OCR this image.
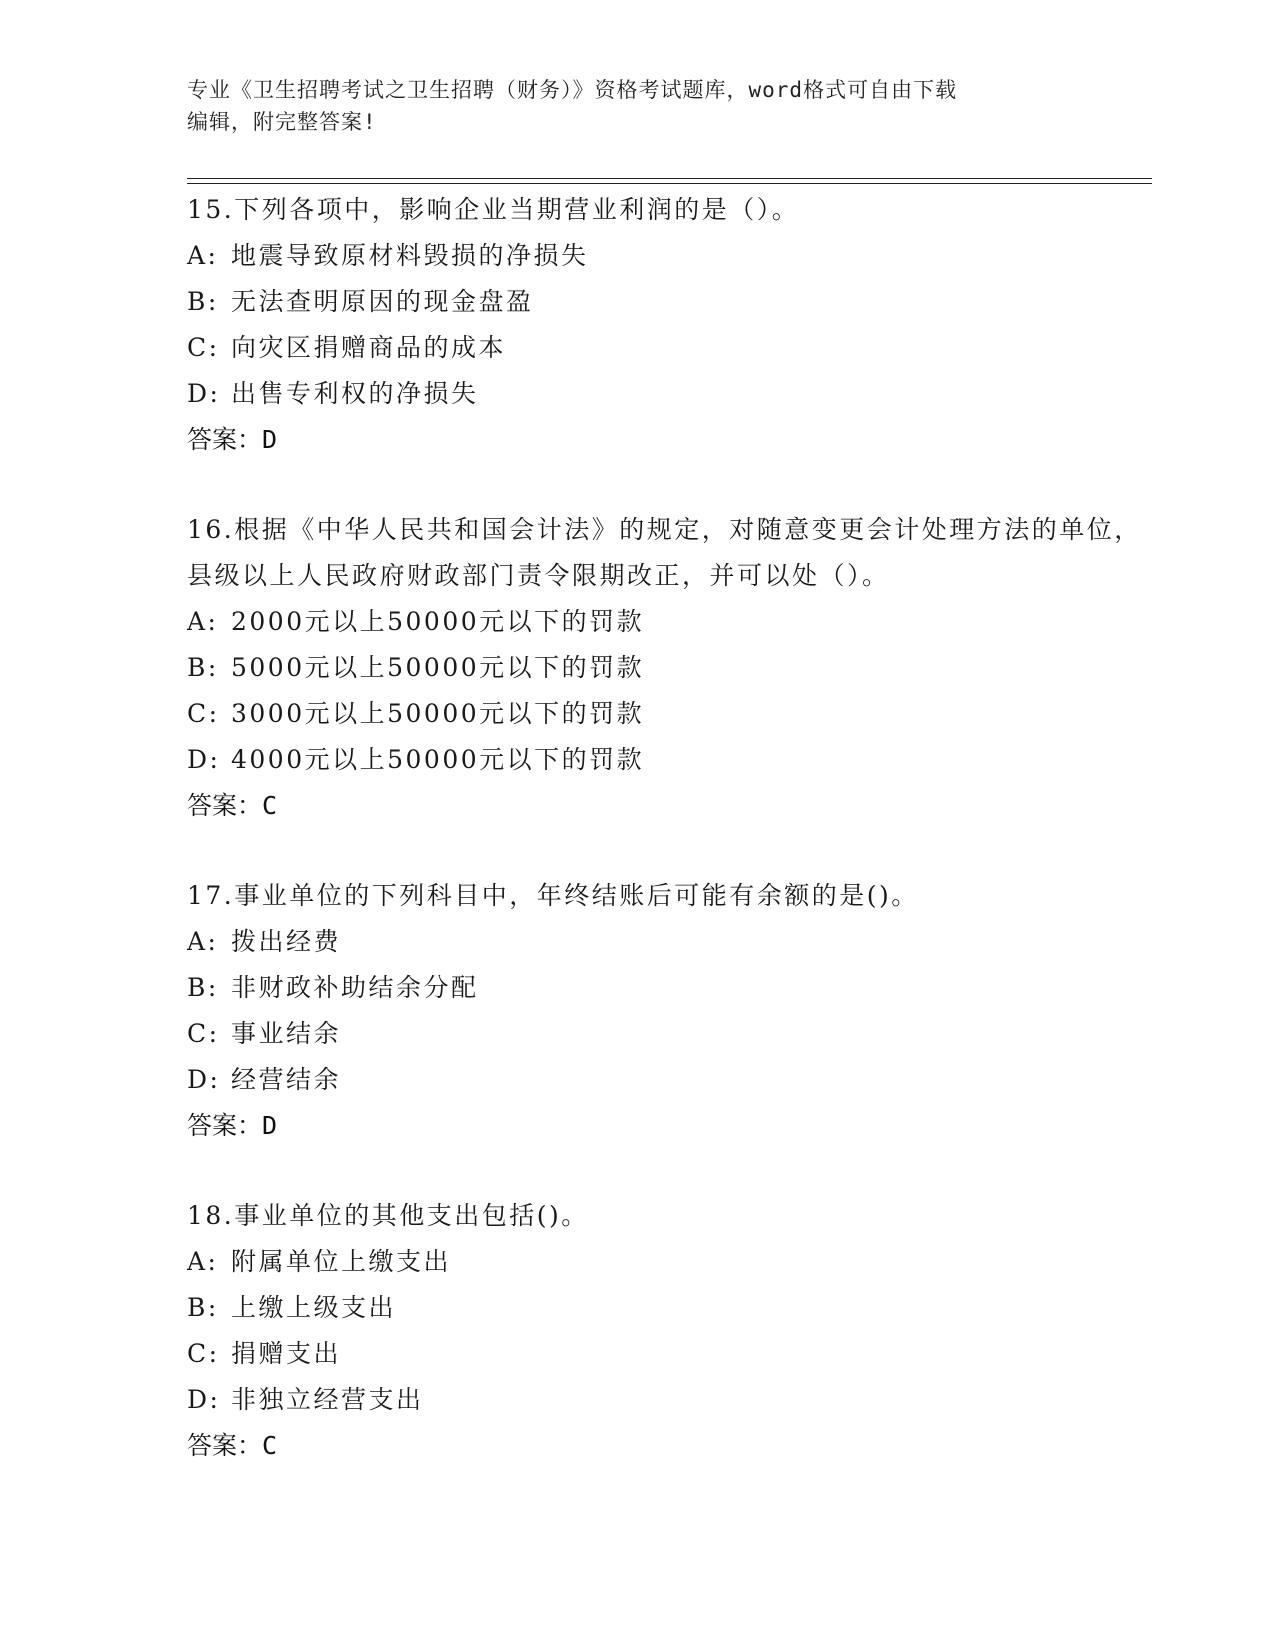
专业《卫生招聘考试之卫生招聘（财务）》资格考试题库，word格式可自由下载
编辑，附完整答案!
15.下列各项中，影响企业当期营业利润的是（）。
A: 地震导致原材料毁损的净损失
B: 无法查明原因的现金盘盈
C: 向灾区捐赠商品的成本
D: 出售专利权的净损失
答案：D
16.根据《中华人民共和国会计法》的规定，对随意变更会计处理方法的单位，县级以上人民政府财政部门责令限期改正，并可以处（）。
A: 2000元以上50000元以下的罚款
B: 5000元以上50000元以下的罚款
C: 3000元以上50000元以下的罚款
D: 4000元以上50000元以下的罚款
答案：C
17.事业单位的下列科目中，年终结账后可能有余额的是()。
A: 拨出经费
B: 非财政补助结余分配
C: 事业结余
D: 经营结余
答案：D
18.事业单位的其他支出包括()。
A: 附属单位上缴支出
B: 上缴上级支出
C: 捐赠支出
D: 非独立经营支出
答案：C
